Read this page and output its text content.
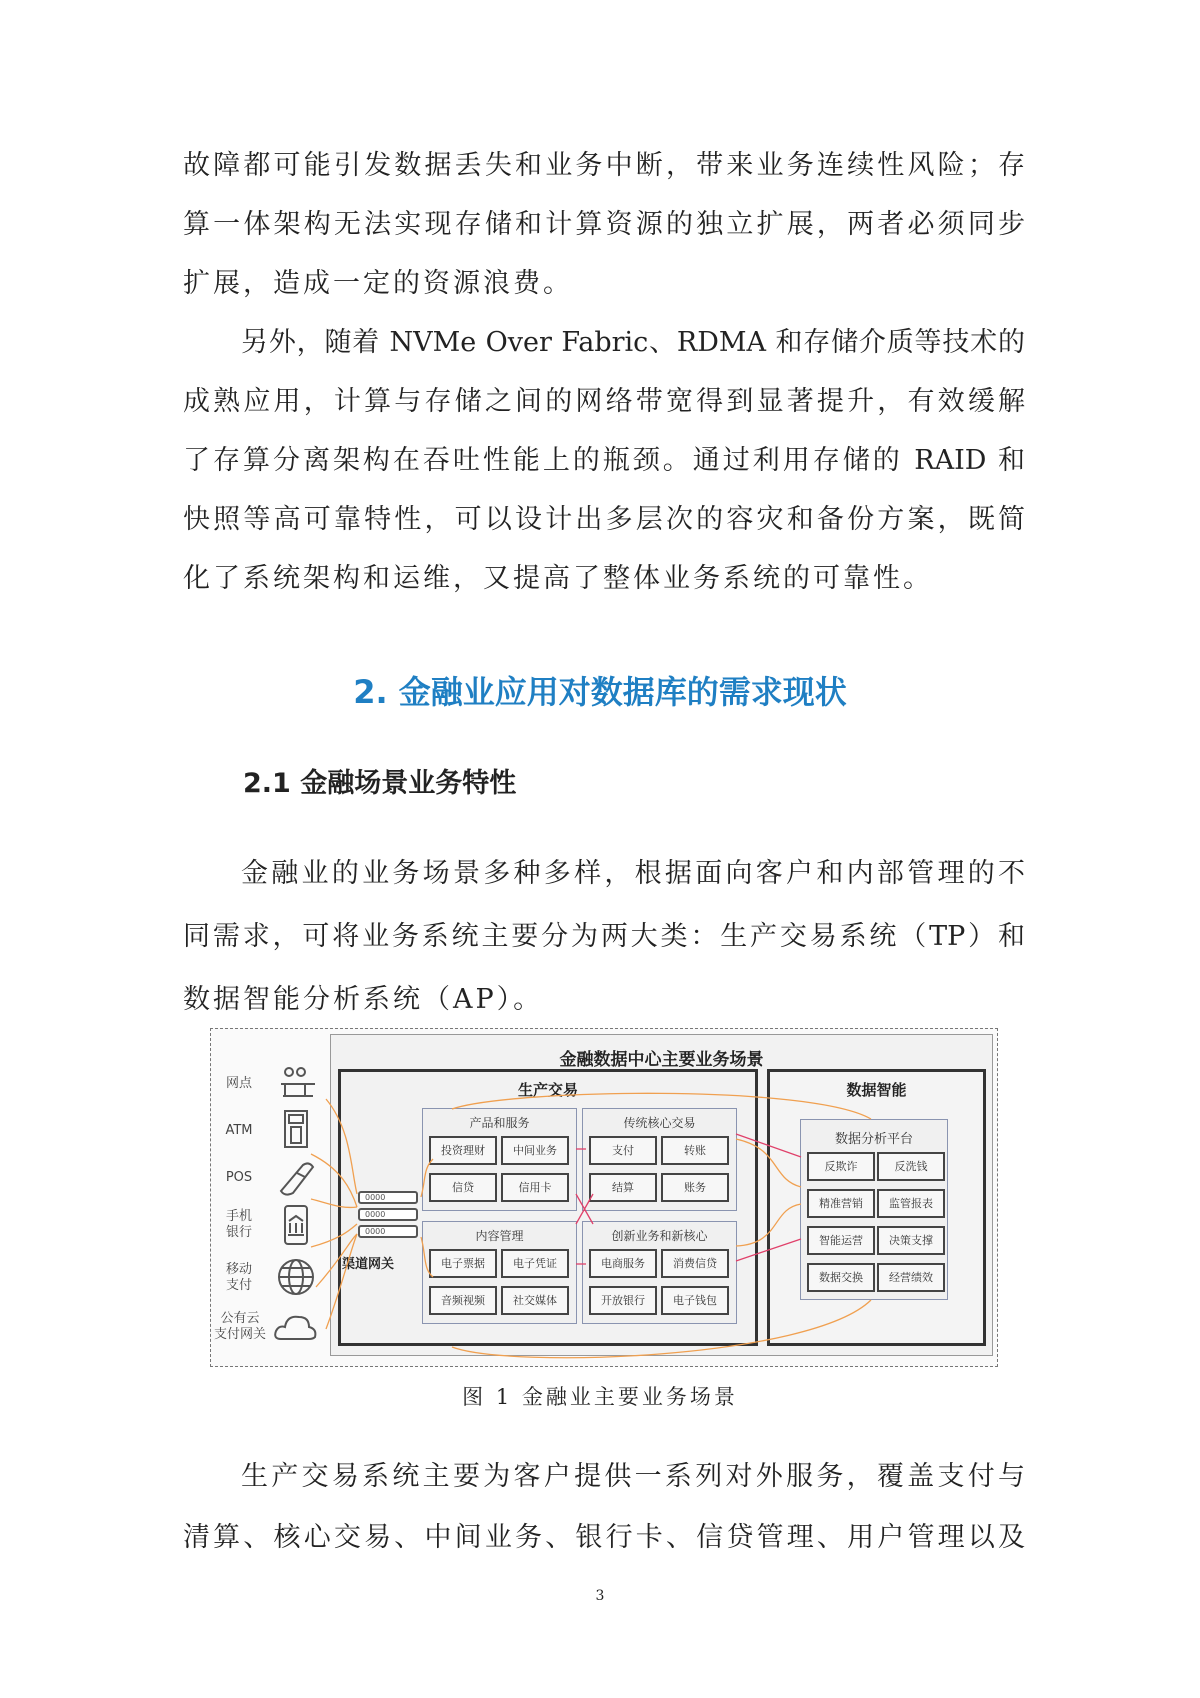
故障都可能引发数据丢失和业务中断，带来业务连续性风险；存
算一体架构无法实现存储和计算资源的独立扩展，两者必须同步
扩展，造成一定的资源浪费。
另外，随着 NVMe Over Fabric、RDMA 和存储介质等技术的
成熟应用，计算与存储之间的网络带宽得到显著提升，有效缓解
了存算分离架构在吞吐性能上的瓶颈。通过利用存储的 RAID 和
快照等高可靠特性，可以设计出多层次的容灾和备份方案，既简
化了系统架构和运维，又提高了整体业务系统的可靠性。
2. 金融业应用对数据库的需求现状
2.1 金融场景业务特性
金融业的业务场景多种多样，根据面向客户和内部管理的不
同需求，可将业务系统主要分为两大类：生产交易系统（TP）和
数据智能分析系统（AP）。
金融数据中心主要业务场景
网点
ATM
POS
手机
银行
移动
支付
公有云
支付网关
0000
0000
0000
渠道网关
生产交易
产品和服务
投资理财	中间业务
信贷	信用卡
传统核心交易
支付	转账
结算	账务
内容管理
电子票据	电子凭证
音频视频	社交媒体
创新业务和新核心
电商服务	消费信贷
开放银行	电子钱包
数据智能
数据分析平台
反欺诈	反洗钱
精准营销	监管报表
智能运营	决策支撑
数据交换	经营绩效
图 1 金融业主要业务场景
生产交易系统主要为客户提供一系列对外服务，覆盖支付与
清算、核心交易、中间业务、银行卡、信贷管理、用户管理以及
3
